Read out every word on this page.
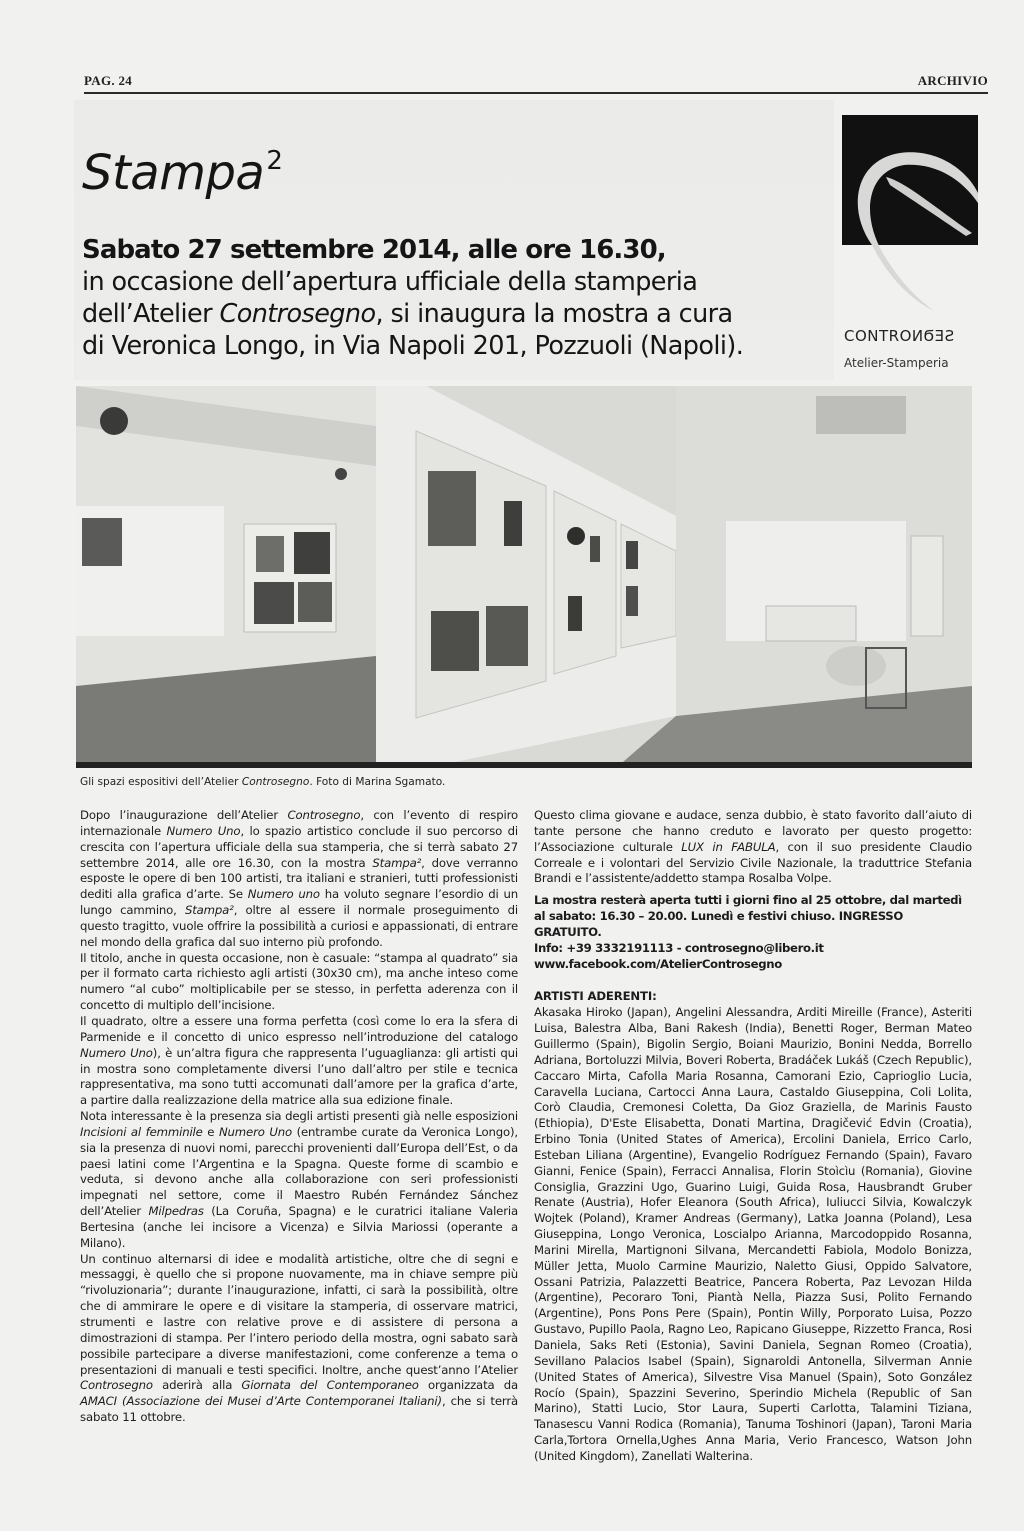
PAG. 24	ARCHIVIO
Stampa$^2$
Sabato 27 settembre 2014, alle ore 16.30,
in occasione dell’apertura ufficiale della stamperia
dell’Atelier Controsegno, si inaugura la mostra a cura
di Veronica Longo, in Via Napoli 201, Pozzuoli (Napoli).	CONTROИϬƎƧ
Atelier-Stamperia
Gli spazi espositivi dell’Atelier Controsegno. Foto di Marina Sgamato.

Dopo l’inaugurazione dell’Atelier Controsegno, con l’evento di respiro internazionale Numero Uno, lo spazio artistico conclude il suo percorso di crescita con l’apertura ufficiale della sua stamperia, che si terrà sabato 27 settembre 2014, alle ore 16.30, con la mostra Stampa², dove verranno esposte le opere di ben 100 artisti, tra italiani e stranieri, tutti professionisti dediti alla grafica d’arte. Se Numero uno ha voluto segnare l’esordio di un lungo cammino, Stampa², oltre al essere il normale proseguimento di questo tragitto, vuole offrire la possibilità a curiosi e appassionati, di entrare nel mondo della grafica dal suo interno più profondo.

Il titolo, anche in questa occasione, non è casuale: “stampa al quadrato” sia per il formato carta richiesto agli artisti (30x30 cm), ma anche inteso come numero “al cubo” moltiplicabile per se stesso, in perfetta aderenza con il concetto di multiplo dell’incisione.

Il quadrato, oltre a essere una forma perfetta (così come lo era la sfera di Parmenide e il concetto di unico espresso nell’introduzione del catalogo Numero Uno), è un’altra figura che rappresenta l’uguaglianza: gli artisti qui in mostra sono completamente diversi l’uno dall’altro per stile e tecnica rappresentativa, ma sono tutti accomunati dall’amore per la grafica d’arte, a partire dalla realizzazione della matrice alla sua edizione finale.

Nota interessante è la presenza sia degli artisti presenti già nelle esposizioni Incisioni al femminile e Numero Uno (entrambe curate da Veronica Longo), sia la presenza di nuovi nomi, parecchi provenienti dall’Europa dell’Est, o da paesi latini come l’Argentina e la Spagna. Queste forme di scambio e veduta, si devono anche alla collaborazione con seri professionisti impegnati nel settore, come il Maestro Rubén Fernández Sánchez dell’Atelier Milpedras (La Coruña, Spagna) e le curatrici italiane Valeria Bertesina (anche lei incisore a Vicenza) e Silvia Mariossi (operante a Milano).

Un continuo alternarsi di idee e modalità artistiche, oltre che di segni e messaggi, è quello che si propone nuovamente, ma in chiave sempre più “rivoluzionaria”; durante l’inaugurazione, infatti, ci sarà la possibilità, oltre che di ammirare le opere e di visitare la stamperia, di osservare matrici, strumenti e lastre con relative prove e di assistere di persona a dimostrazioni di stampa. Per l’intero periodo della mostra, ogni sabato sarà possibile partecipare a diverse manifestazioni, come conferenze a tema o presentazioni di manuali e testi specifici. Inoltre, anche quest’anno l’Atelier Controsegno aderirà alla Giornata del Contemporaneo organizzata da AMACI (Associazione dei Musei d’Arte Contemporanei Italiani), che si terrà sabato 11 ottobre.

Questo clima giovane e audace, senza dubbio, è stato favorito dall’aiuto di tante persone che hanno creduto e lavorato per questo progetto: l’Associazione culturale LUX in FABULA, con il suo presidente Claudio Correale e i volontari del Servizio Civile Nazionale, la traduttrice Stefania Brandi e l’assistente/addetto stampa Rosalba Volpe.

La mostra resterà aperta tutti i giorni fino al 25 ottobre, dal martedì al sabato: 16.30 – 20.00. Lunedì e festivi chiuso. INGRESSO GRATUITO.
Info: +39 3332191113 - controsegno@libero.it
www.facebook.com/AtelierControsegno

ARTISTI ADERENTI:

Akasaka Hiroko (Japan), Angelini Alessandra, Arditi Mireille (France), Asteriti Luisa, Balestra Alba, Bani Rakesh (India), Benetti Roger, Berman Mateo Guillermo (Spain), Bigolin Sergio, Boiani Maurizio, Bonini Nedda, Borrello Adriana, Bortoluzzi Milvia, Boveri Roberta, Bradáček Lukáš (Czech Republic), Caccaro Mirta, Cafolla Maria Rosanna, Camorani Ezio, Caprioglio Lucia, Caravella Luciana, Cartocci Anna Laura, Castaldo Giuseppina, Coli Lolita, Corò Claudia, Cremonesi Coletta, Da Gioz Graziella, de Marinis Fausto (Ethiopia), D'Este Elisabetta, Donati Martina, Dragičević Edvin (Croatia), Erbino Tonia (United States of America), Ercolini Daniela, Errico Carlo, Esteban Liliana (Argentine), Evangelio Rodríguez Fernando (Spain), Favaro Gianni, Fenice (Spain), Ferracci Annalisa, Florin Stoìcìu (Romania), Giovine Consiglia, Grazzini Ugo, Guarino Luigi, Guida Rosa, Hausbrandt Gruber Renate (Austria), Hofer Eleanora (South Africa), Iuliucci Silvia, Kowalczyk Wojtek (Poland), Kramer Andreas (Germany), Latka Joanna (Poland), Lesa Giuseppina, Longo Veronica, Loscialpo Arianna, Marcodoppido Rosanna, Marini Mirella, Martignoni Silvana, Mercandetti Fabiola, Modolo Bonizza, Müller Jetta, Muolo Carmine Maurizio, Naletto Giusi, Oppido Salvatore, Ossani Patrizia, Palazzetti Beatrice, Pancera Roberta, Paz Levozan Hilda (Argentine), Pecoraro Toni, Piantà Nella, Piazza Susi, Polito Fernando (Argentine), Pons Pons Pere (Spain), Pontin Willy, Porporato Luisa, Pozzo Gustavo, Pupillo Paola, Ragno Leo, Rapicano Giuseppe, Rizzetto Franca, Rosi Daniela, Saks Reti (Estonia), Savini Daniela, Segnan Romeo (Croatia), Sevillano Palacios Isabel (Spain), Signaroldi Antonella, Silverman Annie (United States of America), Silvestre Visa Manuel (Spain), Soto González Rocío (Spain), Spazzini Severino, Sperindio Michela (Republic of San Marino), Statti Lucio, Stor Laura, Superti Carlotta, Talamini Tiziana, Tanasescu Vanni Rodica (Romania), Tanuma Toshinori (Japan), Taroni Maria Carla,Tortora Ornella,Ughes Anna Maria, Verio Francesco, Watson John (United Kingdom), Zanellati Walterina.
